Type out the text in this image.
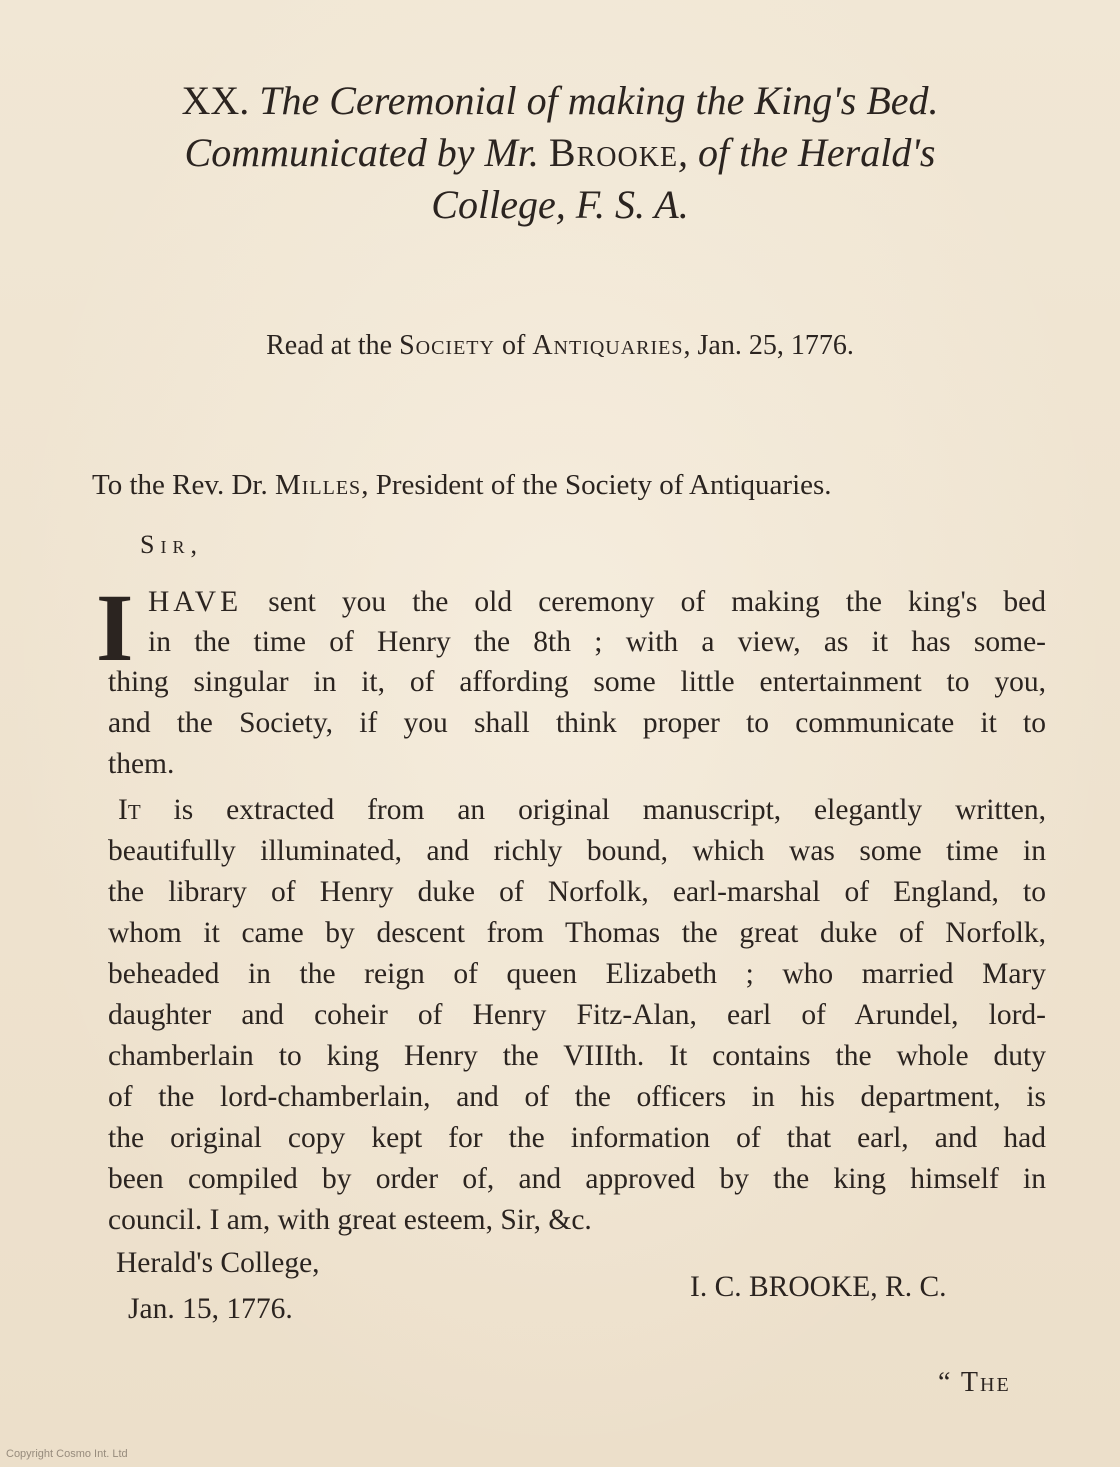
XX. The Ceremonial of making the King's Bed.
Communicated by Mr. Brooke, of the Herald's
College, F. S. A.
Read at the Society of Antiquaries, Jan. 25, 1776.
To the Rev. Dr. Milles, President of the Society of Antiquaries.
Sir,
I HAVE sent you the old ceremony of making the king's bed
in the time of Henry the 8th ; with a view, as it has some-
thing singular in it, of affording some little entertainment to you,
and the Society, if you shall think proper to communicate it to
them.
It is extracted from an original manuscript, elegantly written,
beautifully illuminated, and richly bound, which was some time in
the library of Henry duke of Norfolk, earl-marshal of England, to
whom it came by descent from Thomas the great duke of Norfolk,
beheaded in the reign of queen Elizabeth ; who married Mary
daughter and coheir of Henry Fitz-Alan, earl of Arundel, lord-
chamberlain to king Henry the VIIIth. It contains the whole duty
of the lord-chamberlain, and of the officers in his department, is
the original copy kept for the information of that earl, and had
been compiled by order of, and approved by the king himself in
council. I am, with great esteem, Sir, &c.
Herald's College,
Jan. 15, 1776.
I. C. BROOKE, R. C.
“ The
Copyright Cosmo Int. Ltd
